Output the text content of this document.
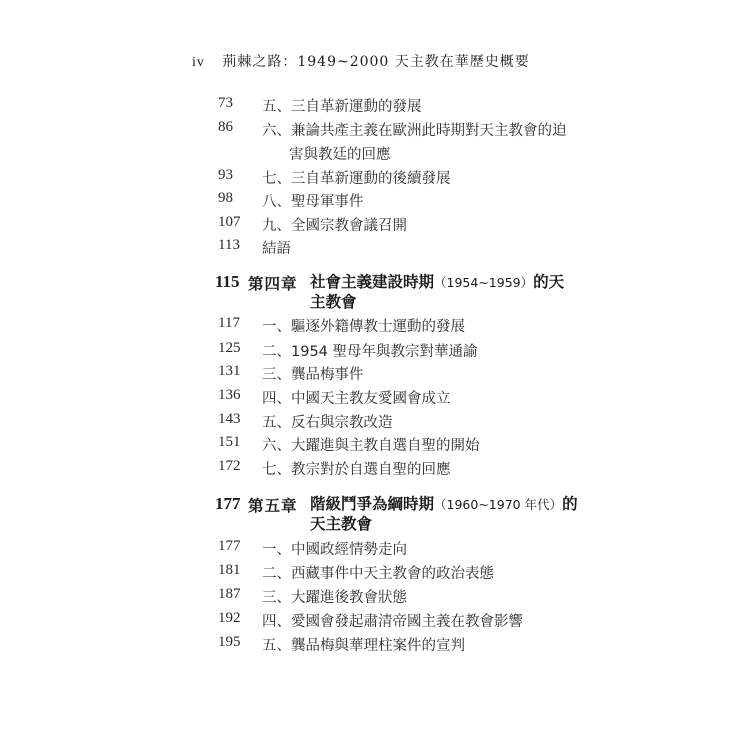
iv 荊棘之路：1949~2000 天主教在華歷史概要
73	五、三自革新運動的發展
86	六、兼論共產主義在歐洲此時期對天主教會的迫
害與教廷的回應
93	七、三自革新運動的後續發展
98	八、聖母軍事件
107	九、全國宗教會議召開
113	結語
115 第四章 社會主義建設時期（1954~1959）的天
主教會
117	一、驅逐外籍傳教士運動的發展
125	二、1954 聖母年與教宗對華通諭
131	三、龔品梅事件
136	四、中國天主教友愛國會成立
143	五、反右與宗教改造
151	六、大躍進與主教自選自聖的開始
172	七、教宗對於自選自聖的回應
177 第五章 階級鬥爭為綱時期（1960~1970 年代）的
天主教會
177	一、中國政經情勢走向
181	二、西藏事件中天主教會的政治表態
187	三、大躍進後教會狀態
192	四、愛國會發起肅清帝國主義在教會影響
195	五、龔品梅與華理柱案件的宣判
